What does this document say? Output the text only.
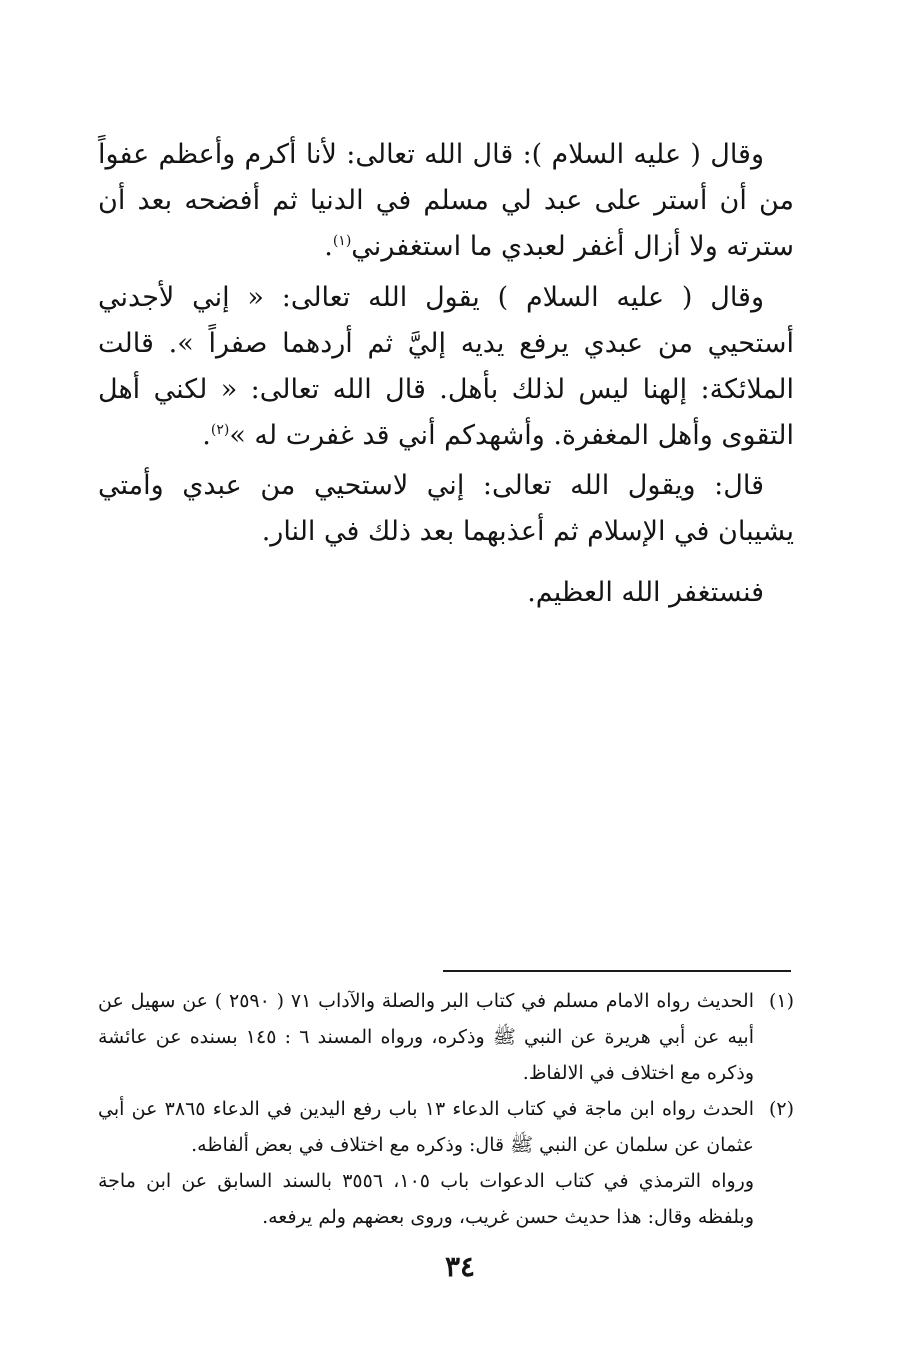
وقال ( عليه السلام ): قال الله تعالى: لأنا أكرم وأعظم عفواً من أن أستر على عبد لي مسلم في الدنيا ثم أفضحه بعد أن سترته ولا أزال أغفر لعبدي ما استغفرني$^{(١)}$.

وقال ( عليه السلام ) يقول الله تعالى: « إني لأجدني أستحيي من عبدي يرفع يديه إليَّ ثم أردهما صفراً ». قالت الملائكة: إلهنا ليس لذلك بأهل. قال الله تعالى: « لكني أهل التقوى وأهل المغفرة. وأشهدكم أني قد غفرت له »$^{(٢)}$.

قال: ويقول الله تعالى: إني لاستحيي من عبدي وأمتي يشيبان في الإسلام ثم أعذبهما بعد ذلك في النار.

فنستغفر الله العظيم.

(١)
الحديث رواه الامام مسلم في كتاب البر والصلة والآداب ٧١ ( ٢٥٩٠ ) عن سهيل عن أبيه عن أبي هريرة عن النبي ﷺ وذكره، ورواه المسند ٦ : ١٤٥ بسنده عن عائشة وذكره مع اختلاف في الالفاظ.
(٢)
الحدث رواه ابن ماجة في كتاب الدعاء ١٣ باب رفع اليدين في الدعاء ٣٨٦٥ عن أبي عثمان عن سلمان عن النبي ﷺ قال: وذكره مع اختلاف في بعض ألفاظه.
ورواه الترمذي في كتاب الدعوات باب ١٠٥، ٣٥٥٦ بالسند السابق عن ابن ماجة وبلفظه وقال: هذا حديث حسن غريب، وروى بعضهم ولم يرفعه.
٣٤
